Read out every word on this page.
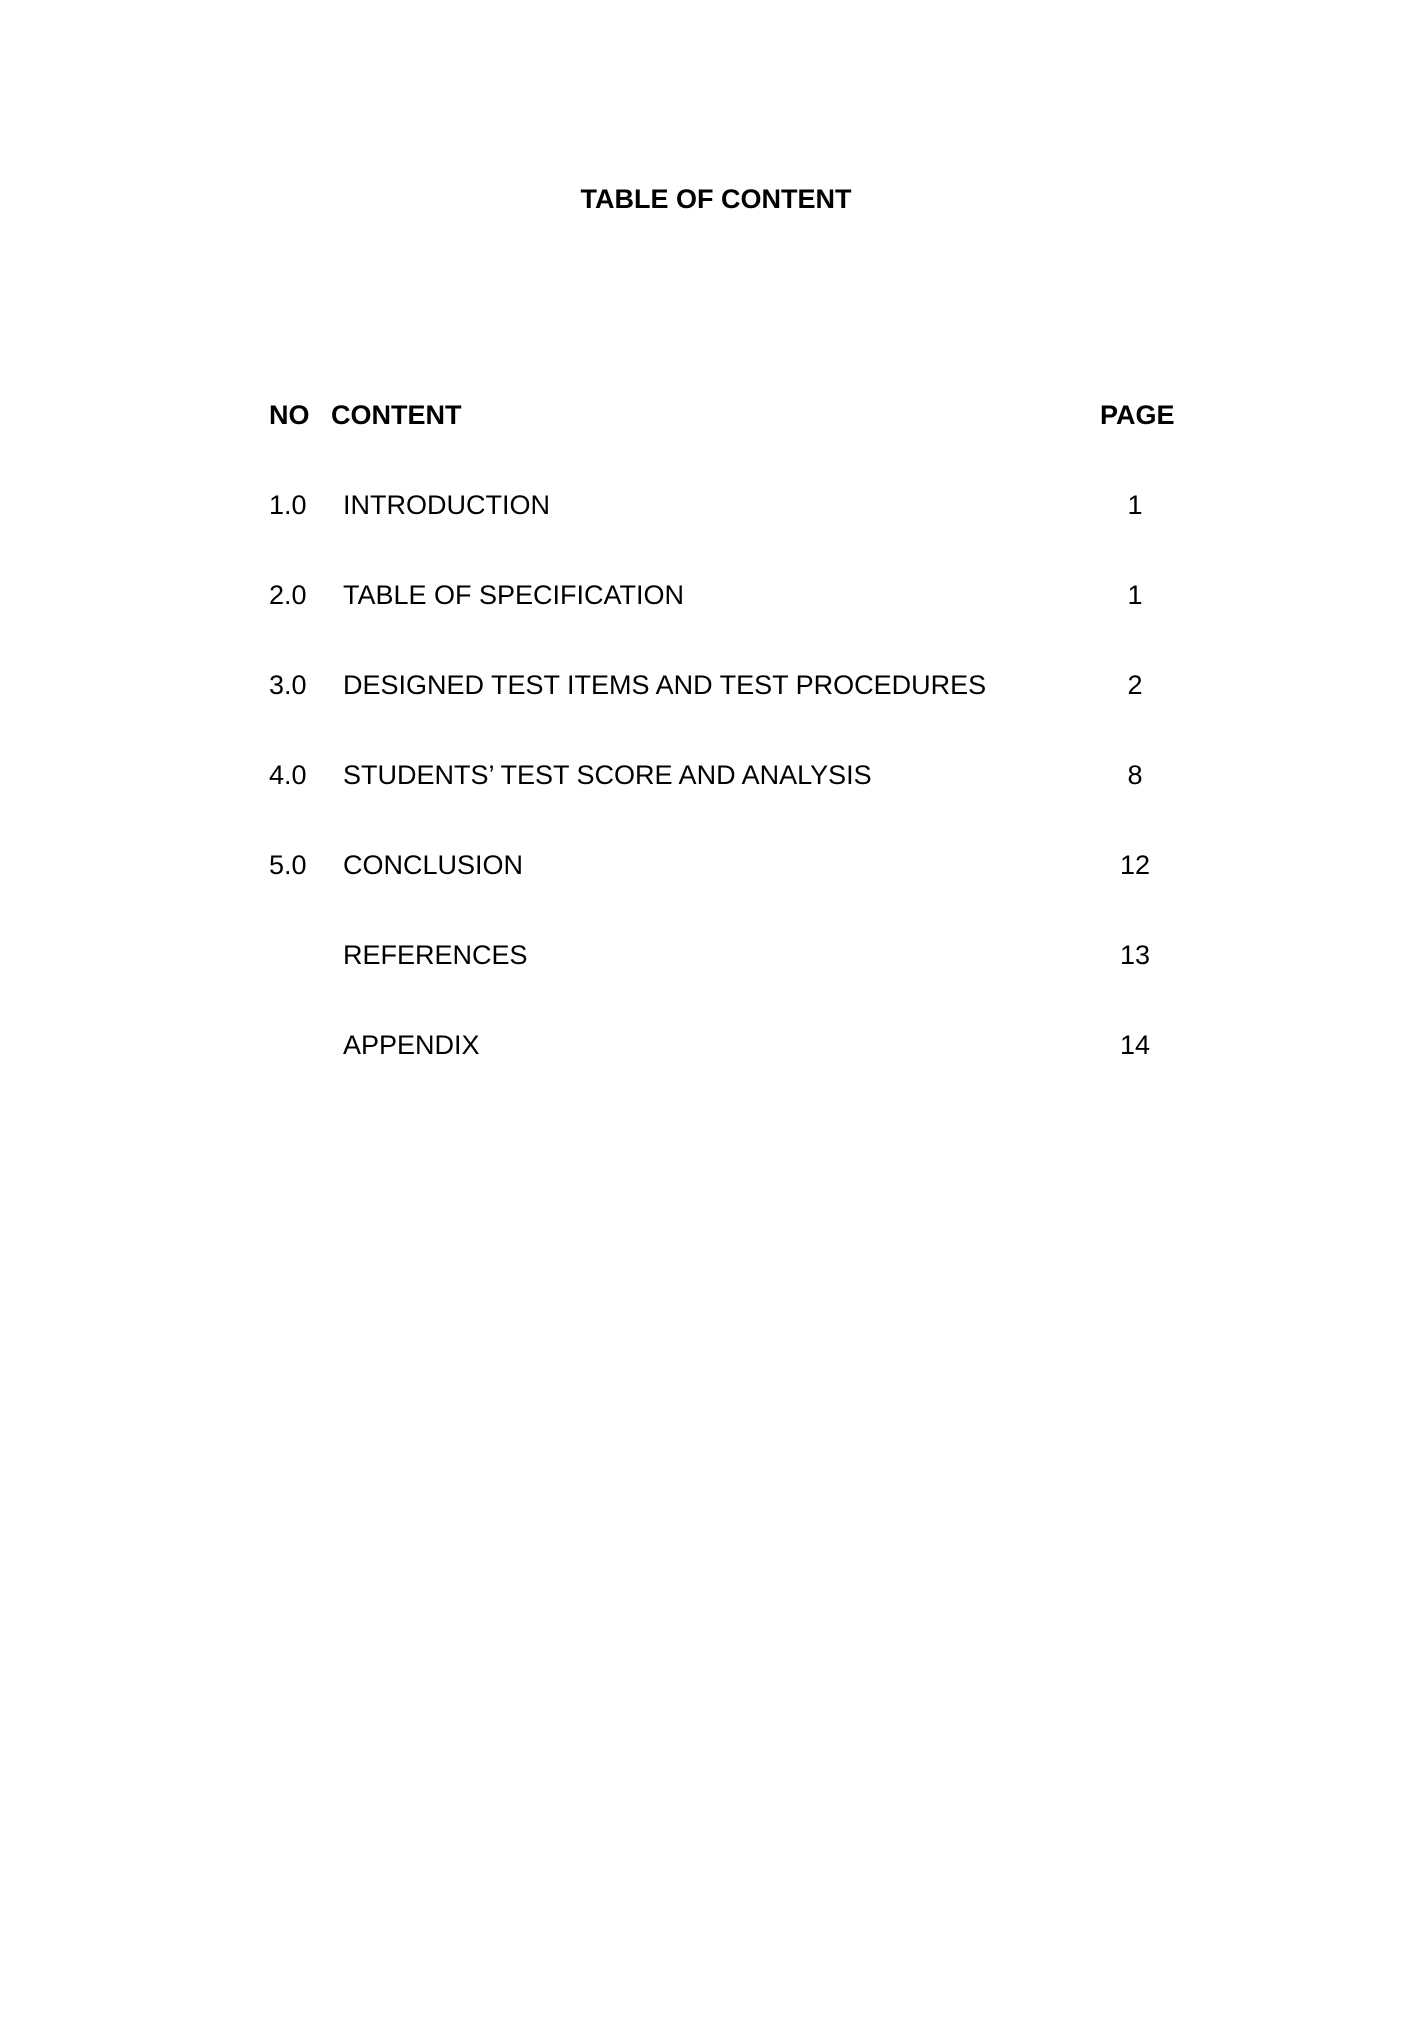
TABLE OF CONTENT
NO CONTENT	PAGE
1.0 INTRODUCTION	1
2.0 TABLE OF SPECIFICATION	1
3.0 DESIGNED TEST ITEMS AND TEST PROCEDURES	2
4.0 STUDENTS’ TEST SCORE AND ANALYSIS	8
5.0 CONCLUSION	12
REFERENCES	13
APPENDIX	14
